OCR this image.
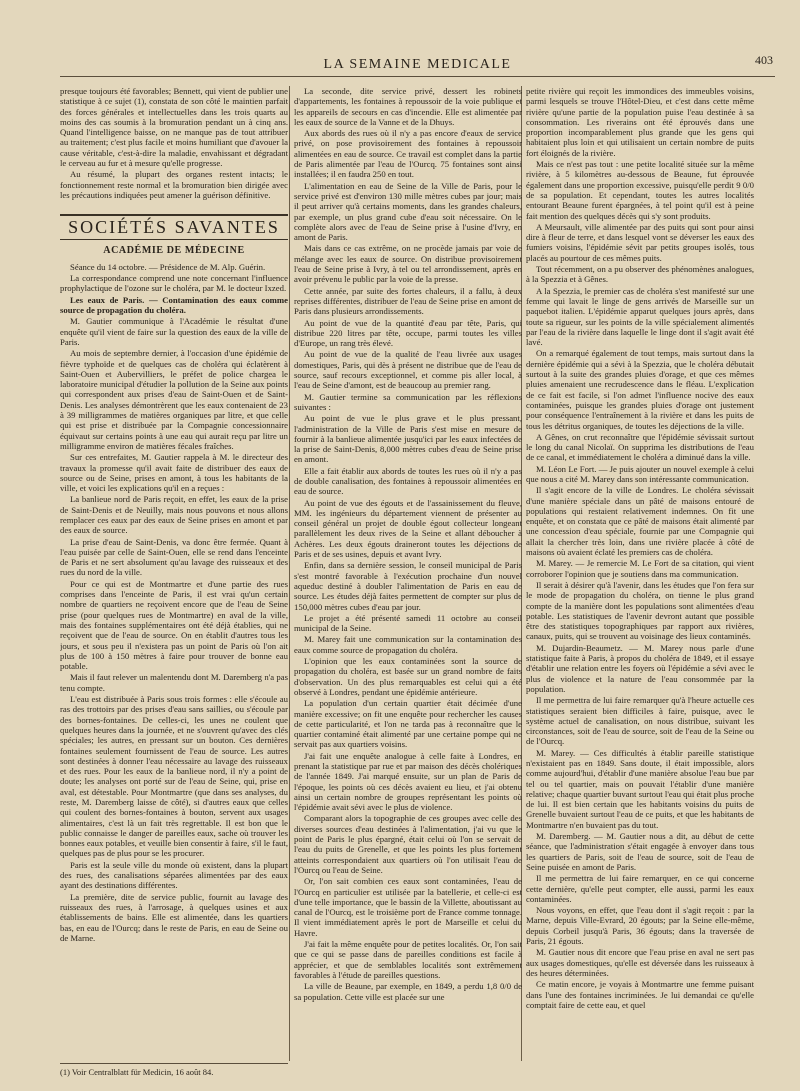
LA SEMAINE MEDICALE	403

presque toujours été favorables; Bennett, qui vient de publier une statistique à ce sujet (1), constata de son côté le maintien parfait des forces générales et intellectuelles dans les trois quarts au moins des cas soumis à la bromuration pendant un à cinq ans. Quand l'intelligence baisse, on ne manque pas de tout attribuer au traitement; c'est plus facile et moins humiliant que d'avouer la cause véritable, c'est-à-dire la maladie, envahissant et dégradant le cerveau au fur et à mesure qu'elle progresse.

Au résumé, la plupart des organes restent intacts; le fonctionnement reste normal et la bromuration bien dirigée avec les précautions indiquées peut amener la guérison définitive.

SOCIÉTÉS SAVANTES
ACADÉMIE DE MÉDECINE

Séance du 14 octobre. — Présidence de M. Alp. Guérin.

La correspondance comprend une note concernant l'influence prophylactique de l'ozone sur le choléra, par M. le docteur Ixzed.

Les eaux de Paris. — Contamination des eaux comme source de propagation du choléra.

M. Gautier communique à l'Académie le résultat d'une enquête qu'il vient de faire sur la question des eaux de la ville de Paris.

Au mois de septembre dernier, à l'occasion d'une épidémie de fièvre typhoïde et de quelques cas de choléra qui éclatèrent à Saint-Ouen et Aubervilliers, le préfet de police chargea le laboratoire municipal d'étudier la pollution de la Seine aux points qui correspondent aux prises d'eau de Saint-Ouen et de Saint-Denis. Les analyses démontrèrent que les eaux contenaient de 23 à 39 milligrammes de matières organiques par litre, et que celle qui est prise et distribuée par la Compagnie concessionnaire équivaut sur certains points à une eau qui aurait reçu par litre un milligramme environ de matières fécales fraîches.

Sur ces entrefaites, M. Gautier rappela à M. le directeur des travaux la promesse qu'il avait faite de distribuer des eaux de source ou de Seine, prises en amont, à tous les habitants de la ville, et voici les explications qu'il en a reçues :

La banlieue nord de Paris reçoit, en effet, les eaux de la prise de Saint-Denis et de Neuilly, mais nous pouvons et nous allons remplacer ces eaux par des eaux de Seine prises en amont et par des eaux de source.

La prise d'eau de Saint-Denis, va donc être fermée. Quant à l'eau puisée par celle de Saint-Ouen, elle se rend dans l'enceinte de Paris et ne sert absolument qu'au lavage des ruisseaux et des rues du nord de la ville.

Pour ce qui est de Montmartre et d'une partie des rues comprises dans l'enceinte de Paris, il est vrai qu'un certain nombre de quartiers ne reçoivent encore que de l'eau de Seine prise (pour quelques rues de Montmartre) en aval de la ville, mais des fontaines supplémentaires ont été déjà établies, qui ne reçoivent que de l'eau de source. On en établit d'autres tous les jours, et sous peu il n'existera pas un point de Paris où l'on ait plus de 100 à 150 mètres à faire pour trouver de bonne eau potable.

Mais il faut relever un malentendu dont M. Daremberg n'a pas tenu compte.

L'eau est distribuée à Paris sous trois formes : elle s'écoule au ras des trottoirs par des prises d'eau sans saillies, ou s'écoule par des bornes-fontaines. De celles-ci, les unes ne coulent que quelques heures dans la journée, et ne s'ouvrent qu'avec des clés spéciales; les autres, en pressant sur un bouton. Ces dernières fontaines seulement fournissent de l'eau de source. Les autres sont destinées à donner l'eau nécessaire au lavage des ruisseaux et des rues. Pour les eaux de la banlieue nord, il n'y a point de doute; les analyses ont porté sur de l'eau de Seine, qui, prise en aval, est détestable. Pour Montmartre (que dans ses analyses, du reste, M. Daremberg laisse de côté), si d'autres eaux que celles qui coulent des bornes-fontaines à bouton, servent aux usages alimentaires, c'est là un fait très regrettable. Il est bon que le public connaisse le danger de pareilles eaux, sache où trouver les bonnes eaux potables, et veuille bien consentir à faire, s'il le faut, quelques pas de plus pour se les procurer.

Paris est la seule ville du monde où existent, dans la plupart des rues, des canalisations séparées alimentées par des eaux ayant des destinations différentes.

La première, dite de service public, fournit au lavage des ruisseaux des rues, à l'arrosage, à quelques usines et aux établissements de bains. Elle est alimentée, dans les quartiers bas, en eau de l'Ourcq; dans le reste de Paris, en eau de Seine ou de Marne.

(1) Voir Centralblatt für Medicin, 16 août 84.

La seconde, dite service privé, dessert les robinets d'appartements, les fontaines à repoussoir de la voie publique et les appareils de secours en cas d'incendie. Elle est alimentée par les eaux de source de la Vanne et de la Dhuys.

Aux abords des rues où il n'y a pas encore d'eaux de service privé, on pose provisoirement des fontaines à repoussoir alimentées en eau de source. Ce travail est complet dans la partie de Paris alimentée par l'eau de l'Ourcq. 75 fontaines sont ainsi installées; il en faudra 250 en tout.

L'alimentation en eau de Seine de la Ville de Paris, pour le service privé est d'environ 130 mille mètres cubes par jour; mais il peut arriver qu'à certains moments, dans les grandes chaleurs, par exemple, un plus grand cube d'eau soit nécessaire. On le complète alors avec de l'eau de Seine prise à l'usine d'Ivry, en amont de Paris.

Mais dans ce cas extrême, on ne procède jamais par voie de mélange avec les eaux de source. On distribue provisoirement l'eau de Seine prise à Ivry, à tel ou tel arrondissement, après en avoir prévenu le public par la voie de la presse.

Cette année, par suite des fortes chaleurs, il a fallu, à deux reprises différentes, distribuer de l'eau de Seine prise en amont de Paris dans plusieurs arrondissements.

Au point de vue de la quantité d'eau par tête, Paris, qui distribue 220 litres par tête, occupe, parmi toutes les villes d'Europe, un rang très élevé.

Au point de vue de la qualité de l'eau livrée aux usages domestiques, Paris, qui dès à présent ne distribue que de l'eau de source, sauf recours exceptionnel, et comme pis aller local, à l'eau de Seine d'amont, est de beaucoup au premier rang.

M. Gautier termine sa communication par les réflexions suivantes :

Au point de vue le plus grave et le plus pressant, l'administration de la Ville de Paris s'est mise en mesure de fournir à la banlieue alimentée jusqu'ici par les eaux infectées de la prise de Saint-Denis, 8,000 mètres cubes d'eau de Seine prise en amont.

Elle a fait établir aux abords de toutes les rues où il n'y a pas de double canalisation, des fontaines à repoussoir alimentées en eau de source.

Au point de vue des égouts et de l'assainissement du fleuve, MM. les ingénieurs du département viennent de présenter au conseil général un projet de double égout collecteur longeant parallèlement les deux rives de la Seine et allant déboucher à Achères. Les deux égouts draineront toutes les déjections de Paris et de ses usines, depuis et avant Ivry.

Enfin, dans sa dernière session, le conseil municipal de Paris s'est montré favorable à l'exécution prochaine d'un nouvel aqueduc destiné à doubler l'alimentation de Paris en eau de source. Les études déjà faites permettent de compter sur plus de 150,000 mètres cubes d'eau par jour.

Le projet a été présenté samedi 11 octobre au conseil municipal de la Seine.

M. Marey fait une communication sur la contamination des eaux comme source de propagation du choléra.

L'opinion que les eaux contaminées sont la source de propagation du choléra, est basée sur un grand nombre de faits d'observation. Un des plus remarquables est celui qui a été observé à Londres, pendant une épidémie antérieure.

La population d'un certain quartier était décimée d'une manière excessive; on fit une enquête pour rechercher les causes de cette particularité, et l'on ne tarda pas à reconnaître que le quartier contaminé était alimenté par une certaine pompe qui ne servait pas aux quartiers voisins.

J'ai fait une enquête analogue à celle faite à Londres, en prenant la statistique par rue et par maison des décès cholériques de l'année 1849. J'ai marqué ensuite, sur un plan de Paris de l'époque, les points où ces décès avaient eu lieu, et j'ai obtenu ainsi un certain nombre de groupes représentant les points où l'épidémie avait sévi avec le plus de violence.

Comparant alors la topographie de ces groupes avec celle des diverses sources d'eau destinées à l'alimentation, j'ai vu que le point de Paris le plus épargné, était celui où l'on se servait de l'eau du puits de Grenelle, et que les points les plus fortement atteints correspondaient aux quartiers où l'on utilisait l'eau de l'Ourcq ou l'eau de Seine.

Or, l'on sait combien ces eaux sont contaminées, l'eau de l'Ourcq en particulier est utilisée par la batellerie, et celle-ci est d'une telle importance, que le bassin de la Villette, aboutissant au canal de l'Ourcq, est le troisième port de France comme tonnage. Il vient immédiatement après le port de Marseille et celui du Havre.

J'ai fait la même enquête pour de petites localités. Or, l'on sait que ce qui se passe dans de pareilles conditions est facile à apprécier, et que de semblables localités sont extrêmement favorables à l'étude de pareilles questions.

La ville de Beaune, par exemple, en 1849, a perdu 1,8 0/0 de sa population. Cette ville est placée sur une

petite rivière qui reçoit les immondices des immeubles voisins, parmi lesquels se trouve l'Hôtel-Dieu, et c'est dans cette même rivière qu'une partie de la population puise l'eau destinée à sa consommation. Les riverains ont été éprouvés dans une proportion incomparablement plus grande que les gens qui habitaient plus loin et qui utilisaient un certain nombre de puits fort éloignés de la rivière.

Mais ce n'est pas tout : une petite localité située sur la même rivière, à 5 kilomètres au-dessous de Beaune, fut éprouvée également dans une proportion excessive, puisqu'elle perdit 9 0/0 de sa population. Et cependant, toutes les autres localités entourant Beaune furent épargnées, à tel point qu'il est à peine fait mention des quelques décès qui s'y sont produits.

A Meursault, ville alimentée par des puits qui sont pour ainsi dire à fleur de terre, et dans lesquel vont se déverser les eaux des fumiers voisins, l'épidémie sévit par petits groupes isolés, tous placés au pourtour de ces mêmes puits.

Tout récemment, on a pu observer des phénomènes analogues, à la Spezzia et à Gênes.

A la Spezzia, le premier cas de choléra s'est manifesté sur une femme qui lavait le linge de gens arrivés de Marseille sur un paquebot italien. L'épidémie apparut quelques jours après, dans toute sa rigueur, sur les points de la ville spécialement alimentés par l'eau de la rivière dans laquelle le linge dont il s'agit avait été lavé.

On a remarqué également de tout temps, mais surtout dans la dernière épidémie qui a sévi à la Spezzia, que le choléra débutait surtout à la suite des grandes pluies d'orage, et que ces mêmes pluies amenaient une recrudescence dans le fléau. L'explication de ce fait est facile, si l'on admet l'influence nocive des eaux contaminées, puisque les grandes pluies d'orage ont justement pour conséquence l'entraînement à la rivière et dans les puits de tous les détritus organiques, de toutes les déjections de la ville.

A Gênes, on crut reconnaître que l'épidémie sévissait surtout le long du canal Nicolaï. On supprima les distributions de l'eau de ce canal, et immédiatement le choléra a diminué dans la ville.

M. Léon Le Fort. — Je puis ajouter un nouvel exemple à celui que nous a cité M. Marey dans son intéressante communication.

Il s'agit encore de la ville de Londres. Le choléra sévissait d'une manière spéciale dans un pâté de maisons entouré de populations qui restaient relativement indemnes. On fit une enquête, et on constata que ce pâté de maisons était alimenté par une concession d'eau spéciale, fournie par une Compagnie qui allait la chercher très loin, dans une rivière placée à côté de maisons où avaient éclaté les premiers cas de choléra.

M. Marey. — Je remercie M. Le Fort de sa citation, qui vient corroborer l'opinion que je soutiens dans ma communication.

Il serait à désirer qu'à l'avenir, dans les études que l'on fera sur le mode de propagation du choléra, on tienne le plus grand compte de la manière dont les populations sont alimentées d'eau potable. Les statistiques de l'avenir devront autant que possible être des statistiques topographiques par rapport aux rivières, canaux, puits, qui se trouvent au voisinage des lieux contaminés.

M. Dujardin-Beaumetz. — M. Marey nous parle d'une statistique faite à Paris, à propos du choléra de 1849, et il essaye d'établir une relation entre les foyers où l'épidémie a sévi avec le plus de violence et la nature de l'eau consommée par la population.

Il me permettra de lui faire remarquer qu'à l'heure actuelle ces statistiques seraient bien difficiles à faire, puisque, avec le système actuel de canalisation, on nous distribue, suivant les circonstances, soit de l'eau de source, soit de l'eau de la Seine ou de l'Ourcq.

M. Marey. — Ces difficultés à établir pareille statistique n'existaient pas en 1849. Sans doute, il était impossible, alors comme aujourd'hui, d'établir d'une manière absolue l'eau bue par tel ou tel quartier, mais on pouvait l'établir d'une manière relative; chaque quartier buvant surtout l'eau qui était plus proche de lui. Il est bien certain que les habitants voisins du puits de Grenelle buvaient surtout l'eau de ce puits, et que les habitants de Montmartre n'en buvaient pas du tout.

M. Daremberg. — M. Gautier nous a dit, au début de cette séance, que l'administration s'était engagée à envoyer dans tous les quartiers de Paris, soit de l'eau de source, soit de l'eau de Seine puisée en amont de Paris.

Il me permettra de lui faire remarquer, en ce qui concerne cette dernière, qu'elle peut compter, elle aussi, parmi les eaux contaminées.

Nous voyons, en effet, que l'eau dont il s'agit reçoit : par la Marne, depuis Ville-Evrard, 20 égouts; par la Seine elle-même, depuis Corbeil jusqu'à Paris, 36 égouts; dans la traversée de Paris, 21 égouts.

M. Gautier nous dit encore que l'eau prise en aval ne sert pas aux usages domestiques, qu'elle est déversée dans les ruisseaux à des heures déterminées.

Ce matin encore, je voyais à Montmartre une femme puisant dans l'une des fontaines incriminées. Je lui demandai ce qu'elle comptait faire de cette eau, et quel
